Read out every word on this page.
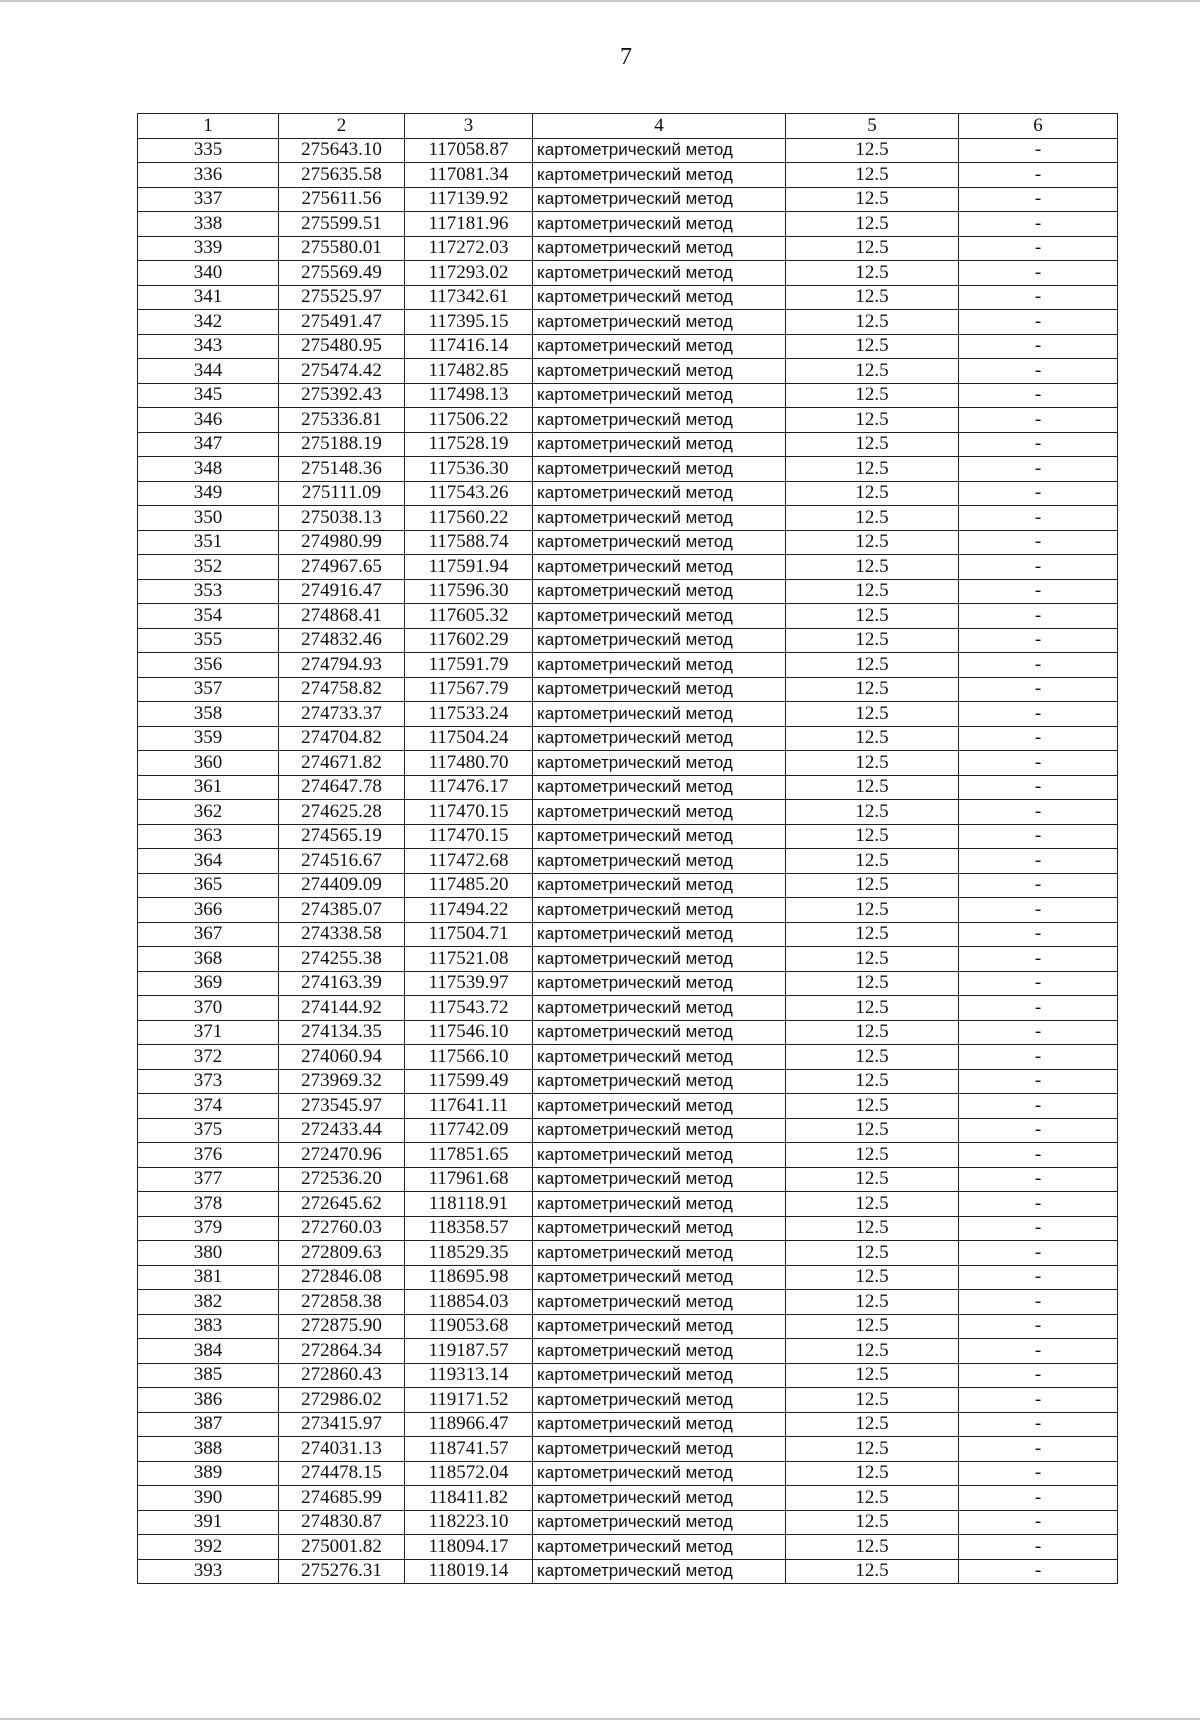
7
1	2	3	4	5	6
335	275643.10	117058.87	картометрический метод	12.5	-
336	275635.58	117081.34	картометрический метод	12.5	-
337	275611.56	117139.92	картометрический метод	12.5	-
338	275599.51	117181.96	картометрический метод	12.5	-
339	275580.01	117272.03	картометрический метод	12.5	-
340	275569.49	117293.02	картометрический метод	12.5	-
341	275525.97	117342.61	картометрический метод	12.5	-
342	275491.47	117395.15	картометрический метод	12.5	-
343	275480.95	117416.14	картометрический метод	12.5	-
344	275474.42	117482.85	картометрический метод	12.5	-
345	275392.43	117498.13	картометрический метод	12.5	-
346	275336.81	117506.22	картометрический метод	12.5	-
347	275188.19	117528.19	картометрический метод	12.5	-
348	275148.36	117536.30	картометрический метод	12.5	-
349	275111.09	117543.26	картометрический метод	12.5	-
350	275038.13	117560.22	картометрический метод	12.5	-
351	274980.99	117588.74	картометрический метод	12.5	-
352	274967.65	117591.94	картометрический метод	12.5	-
353	274916.47	117596.30	картометрический метод	12.5	-
354	274868.41	117605.32	картометрический метод	12.5	-
355	274832.46	117602.29	картометрический метод	12.5	-
356	274794.93	117591.79	картометрический метод	12.5	-
357	274758.82	117567.79	картометрический метод	12.5	-
358	274733.37	117533.24	картометрический метод	12.5	-
359	274704.82	117504.24	картометрический метод	12.5	-
360	274671.82	117480.70	картометрический метод	12.5	-
361	274647.78	117476.17	картометрический метод	12.5	-
362	274625.28	117470.15	картометрический метод	12.5	-
363	274565.19	117470.15	картометрический метод	12.5	-
364	274516.67	117472.68	картометрический метод	12.5	-
365	274409.09	117485.20	картометрический метод	12.5	-
366	274385.07	117494.22	картометрический метод	12.5	-
367	274338.58	117504.71	картометрический метод	12.5	-
368	274255.38	117521.08	картометрический метод	12.5	-
369	274163.39	117539.97	картометрический метод	12.5	-
370	274144.92	117543.72	картометрический метод	12.5	-
371	274134.35	117546.10	картометрический метод	12.5	-
372	274060.94	117566.10	картометрический метод	12.5	-
373	273969.32	117599.49	картометрический метод	12.5	-
374	273545.97	117641.11	картометрический метод	12.5	-
375	272433.44	117742.09	картометрический метод	12.5	-
376	272470.96	117851.65	картометрический метод	12.5	-
377	272536.20	117961.68	картометрический метод	12.5	-
378	272645.62	118118.91	картометрический метод	12.5	-
379	272760.03	118358.57	картометрический метод	12.5	-
380	272809.63	118529.35	картометрический метод	12.5	-
381	272846.08	118695.98	картометрический метод	12.5	-
382	272858.38	118854.03	картометрический метод	12.5	-
383	272875.90	119053.68	картометрический метод	12.5	-
384	272864.34	119187.57	картометрический метод	12.5	-
385	272860.43	119313.14	картометрический метод	12.5	-
386	272986.02	119171.52	картометрический метод	12.5	-
387	273415.97	118966.47	картометрический метод	12.5	-
388	274031.13	118741.57	картометрический метод	12.5	-
389	274478.15	118572.04	картометрический метод	12.5	-
390	274685.99	118411.82	картометрический метод	12.5	-
391	274830.87	118223.10	картометрический метод	12.5	-
392	275001.82	118094.17	картометрический метод	12.5	-
393	275276.31	118019.14	картометрический метод	12.5	-
